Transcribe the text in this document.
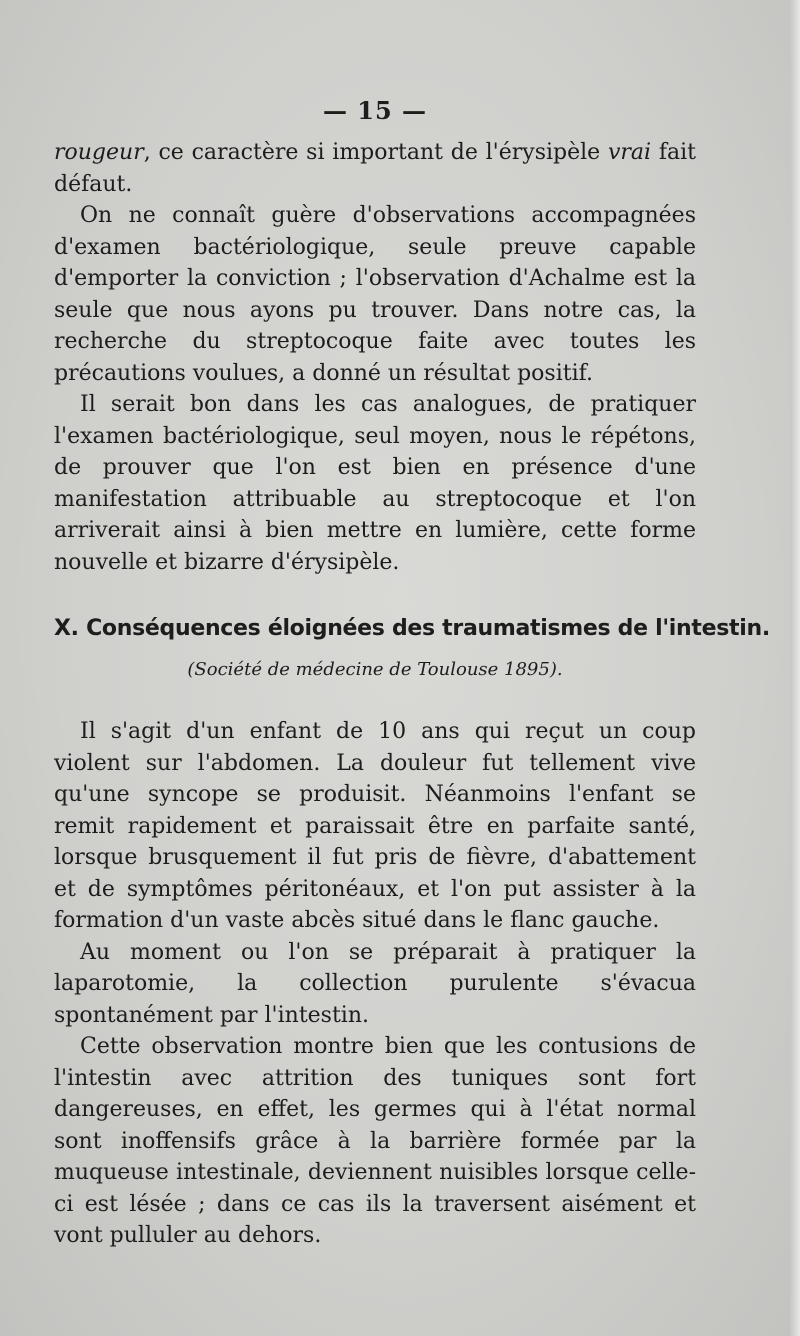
— 15 —

rougeur, ce caractère si important de l'érysipèle vrai fait défaut.

On ne connaît guère d'observations accompagnées d'examen bactériologique, seule preuve capable d'emporter la conviction ; l'observation d'Achalme est la seule que nous ayons pu trouver. Dans notre cas, la recherche du streptocoque faite avec toutes les précautions voulues, a donné un résultat positif.

Il serait bon dans les cas analogues, de pratiquer l'examen bactériologique, seul moyen, nous le répétons, de prouver que l'on est bien en présence d'une manifestation attribuable au streptocoque et l'on arriverait ainsi à bien mettre en lumière, cette forme nouvelle et bizarre d'érysipèle.

X. Conséquences éloignées des traumatismes de l'intestin.
(Société de médecine de Toulouse 1895).

Il s'agit d'un enfant de 10 ans qui reçut un coup violent sur l'abdomen. La douleur fut tellement vive qu'une syncope se produisit. Néanmoins l'enfant se remit rapidement et paraissait être en parfaite santé, lorsque brusquement il fut pris de fièvre, d'abattement et de symptômes péritonéaux, et l'on put assister à la formation d'un vaste abcès situé dans le flanc gauche.

Au moment ou l'on se préparait à pratiquer la laparotomie, la collection purulente s'évacua spontanément par l'intestin.

Cette observation montre bien que les contusions de l'intestin avec attrition des tuniques sont fort dangereuses, en effet, les germes qui à l'état normal sont inoffensifs grâce à la barrière formée par la muqueuse intestinale, deviennent nuisibles lorsque celle-ci est lésée ; dans ce cas ils la traversent aisément et vont pulluler au dehors.
